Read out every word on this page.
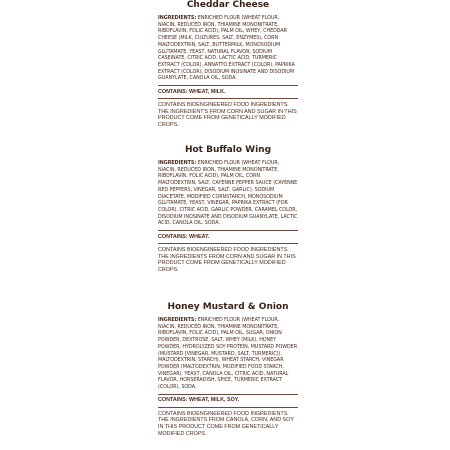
Cheddar Cheese

INGREDIENTS: ENRICHED FLOUR (WHEAT FLOUR, NIACIN, REDUCED IRON, THIAMINE MONONITRATE, RIBOFLAVIN, FOLIC ACID), PALM OIL, WHEY, CHEDDAR CHEESE (MILK, CULTURES, SALT, ENZYMES), CORN MALTODEXTRIN, SALT, BUTTERMILK, MONOSODIUM GLUTAMATE, YEAST, NATURAL FLAVOR, SODIUM CASEINATE, CITRIC ACID, LACTIC ACID, TURMERIC EXTRACT (COLOR), ANNATTO EXTRACT (COLOR), PAPRIKA EXTRACT (COLOR), DISODIUM INOSINATE AND DISODIUM GUANYLATE, CANOLA OIL, SODA.

CONTAINS: WHEAT, MILK.

CONTAINS BIOENGINEERED FOOD INGREDIENTS. THE INGREDIENT'S FROM CORN AND SUGAR IN THIS PRODUCT COME FROM GENETICALLY MODIFIED CROPS.

Hot Buffalo Wing

INGREDIENTS: ENRICHED FLOUR (WHEAT FLOUR, NIACIN, REDUCED IRON, THIAMINE MONONITRATE, RIBOFLAVIN, FOLIC ACID), PALM OIL, CORN MALTODEXTRIN, SALT, CAYENNE PEPPER SAUCE (CAYENNE RED PEPPERS, VINEGAR, SALT, GARLIC), SODIUM DIACETATE, MODIFIED CORNSTARCH, MONOSODIUM GLUTAMATE, YEAST, VINEGAR, PAPRIKA EXTRACT (FOR COLOR), CITRIC ACID, GARLIC POWDER, CARAMEL COLOR, DISODIUM INOSINATE AND DISODIUM GUANYLATE, LACTIC ACID, CANOLA OIL, SODA.

CONTAINS: WHEAT.

CONTAINS BIOENGINEERED FOOD INGREDIENTS. THE INGREDIENTS FROM CORN AND SUGAR IN THIS PRODUCT COME FROM GENETICALLY MODIFIED CROPS.

Honey Mustard & Onion

INGREDIENTS: ENRICHED FLOUR (WHEAT FLOUR, NIACIN, REDUCED IRON, THIAMINE MONONITRATE, RIBOFLAVIN, FOLIC ACID), PALM OIL, SUGAR, ONION POWDER, DEXTROSE, SALT, WHEY (MILK), HONEY POWDER, HYDROLYZED SOY PROTEIN, MUSTARD POWDER (MUSTARD [VINEGAR, MUSTARD, SALT, TURMERIC]), MALTODEXTRIN, STARCH), WHEAT STARCH, VINEGAR POWDER (MALTODEXTRIN, MODIFIED FOOD STARCH, VINEGAR), YEAST, CANOLA OIL, CITRIC ACID, NATURAL FLAVOR, HORSERADISH, SPICE, TURMERIC EXTRACT (COLOR), SODA.

CONTAINS: WHEAT, MILK, SOY.

CONTAINS BIOENGINEERED FOOD INGREDIENTS. THE INGREDIENTS FROM CANOLA, CORN, AND SOY IN THIS PRODUCT COME FROM GENETICALLY MODIFIED CROPS.
